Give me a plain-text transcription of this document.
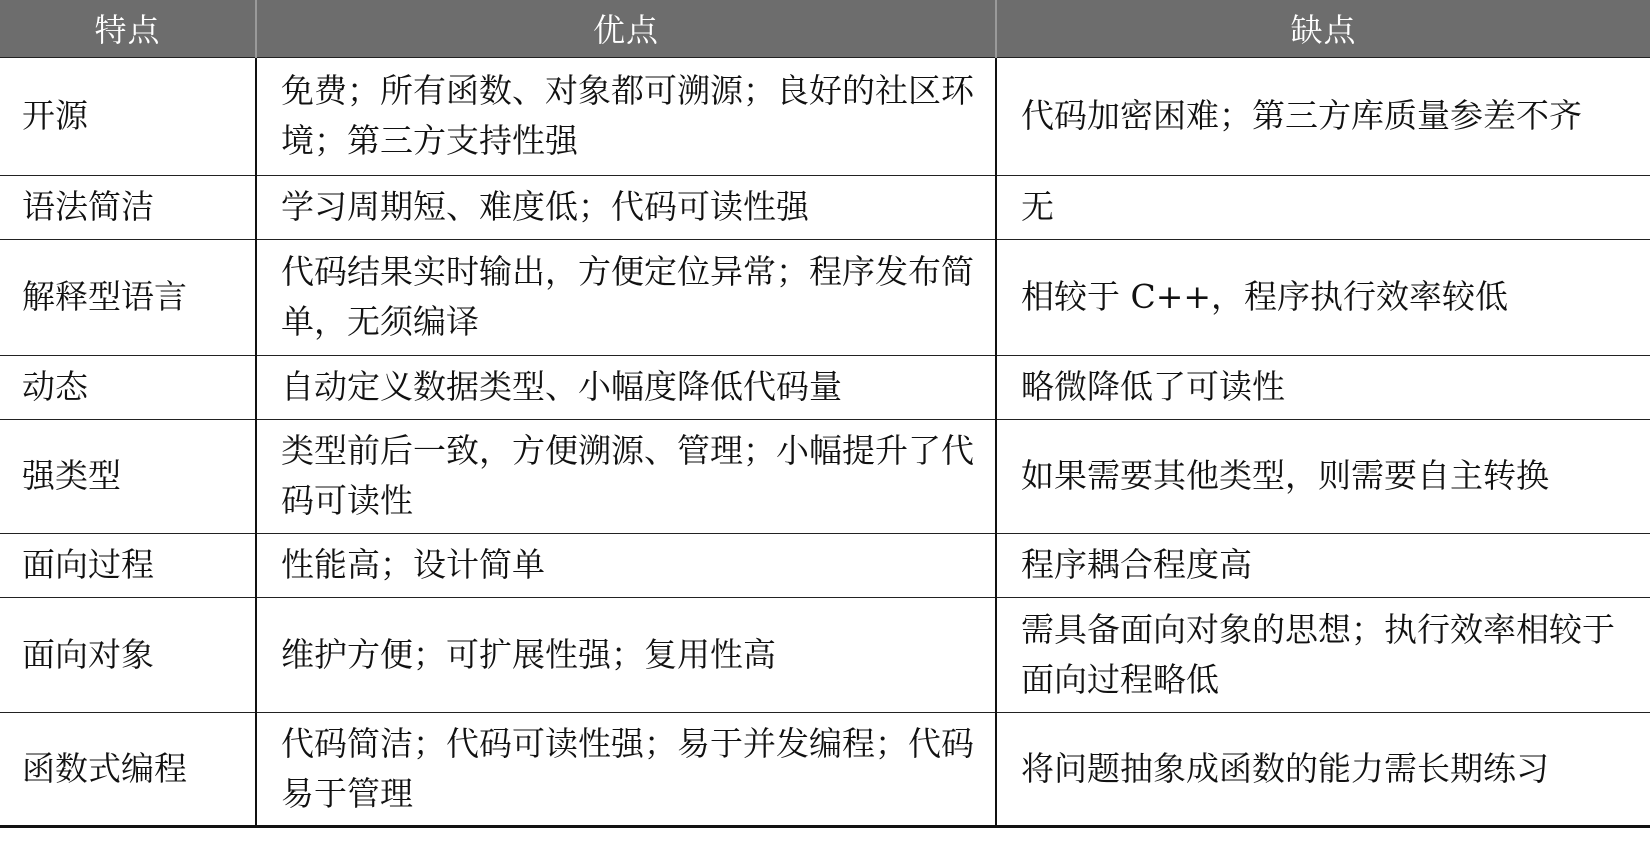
特点	优点	缺点
开源	免费；所有函数、对象都可溯源；良好的社区环境；第三方支持性强	代码加密困难；第三方库质量参差不齐
语法简洁	学习周期短、难度低；代码可读性强	无
解释型语言	代码结果实时输出，方便定位异常；程序发布简单，无须编译	相较于 C++，程序执行效率较低
动态	自动定义数据类型、小幅度降低代码量	略微降低了可读性
强类型	类型前后一致，方便溯源、管理；小幅提升了代码可读性	如果需要其他类型，则需要自主转换
面向过程	性能高；设计简单	程序耦合程度高
面向对象	维护方便；可扩展性强；复用性高	需具备面向对象的思想；执行效率相较于面向过程略低
函数式编程	代码简洁；代码可读性强；易于并发编程；代码易于管理	将问题抽象成函数的能力需长期练习
